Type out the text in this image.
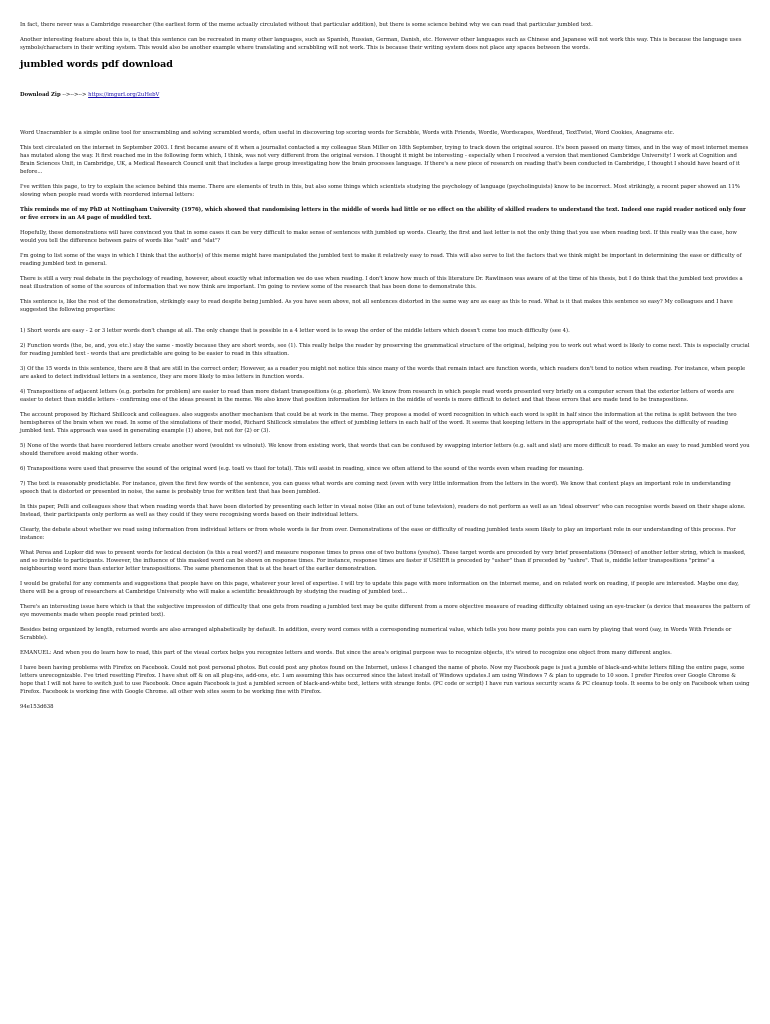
In fact, there never was a Cambridge researcher (the earliest form of the meme actually circulated without that particular addition), but there is some science behind why we can read that particular jumbled text.

Another interesting feature about this is, is that this sentence can be recreated in many other languages, such as Spanish, Russian, German, Danish, etc. However other languages such as Chinese and Japanese will not work this way. This is because the language uses symbols/characters in their writing system. This would also be another example where translating and scrabbling will not work. This is because their writing system does not place any spaces between the words.

jumbled words pdf download
Download Zip -->-->--> https://imgurl.org/2uHebV

Word Unscrambler is a simple online tool for unscrambling and solving scrambled words, often useful in discovering top scoring words for Scrabble, Words with Friends, Wordle, Wordscapes, Wordfeud, TextTwist, Word Cookies, Anagrams etc.

This text circulated on the internet in September 2003. I first became aware of it when a journalist contacted a my colleague Stan Miller on 18th September, trying to track down the original source. It's been passed on many times, and in the way of most internet memes has mutated along the way. It first reached me in the following form which, I think, was not very different from the original version. I thought it might be interesting - especially when I received a version that mentioned Cambridge University! I work at Cognition and Brain Sciences Unit, in Cambridge, UK, a Medical Research Council unit that includes a large group investigating how the brain processes language. If there's a new piece of research on reading that's been conducted in Cambridge, I thought I should have heard of it before...

I've written this page, to try to explain the science behind this meme. There are elements of truth in this, but also some things which scientists studying the psychology of language (psycholinguists) know to be incorrect. Most strikingly, a recent paper showed an 11% slowing when people read words with reordered internal letters:

This reminds me of my PhD at Nottingham University (1976), which showed that randomising letters in the middle of words had little or no effect on the ability of skilled readers to understand the text. Indeed one rapid reader noticed only four or five errors in an A4 page of muddled text.

Hopefully, these demonstrations will have convinced you that in some cases it can be very difficult to make sense of sentences with jumbled up words. Clearly, the first and last letter is not the only thing that you use when reading text. If this really was the case, how would you tell the difference between pairs of words like "salt" and "slat"?

I'm going to list some of the ways in which I think that the author(s) of this meme might have manipulated the jumbled text to make it relatively easy to read. This will also serve to list the factors that we think might be important in determining the ease or difficulty of reading jumbled text in general.

There is still a very real debate in the psychology of reading, however, about exactly what information we do use when reading. I don't know how much of this literature Dr. Rawlinson was aware of at the time of his thesis, but I do think that the jumbled text provides a neat illustration of some of the sources of information that we now think are important. I'm going to review some of the research that has been done to demonstrate this.

This sentence is, like the rest of the demonstration, strikingly easy to read despite being jumbled. As you have seen above, not all sentences distorted in the same way are as easy as this to read. What is it that makes this sentence so easy? My colleagues and I have suggested the following properties:

1) Short words are easy - 2 or 3 letter words don't change at all. The only change that is possible in a 4 letter word is to swap the order of the middle letters which doesn't come too much difficulty (see 4).

2) Function words (the, be, and, you etc.) stay the same - mostly because they are short words, see (1). This really helps the reader by preserving the grammatical structure of the original, helping you to work out what word is likely to come next. This is especially crucial for reading jumbled text - words that are predictable are going to be easier to read in this situation.

3) Of the 15 words in this sentence, there are 8 that are still in the correct order; However, as a reader you might not notice this since many of the words that remain intact are function words, which readers don't tend to notice when reading. For instance, when people are asked to detect individual letters in a sentence, they are more likely to miss letters in function words.

4) Transpositions of adjacent letters (e.g. porbelm for problem) are easier to read than more distant transpositions (e.g. phorlem). We know from research in which people read words presented very briefly on a computer screen that the exterior letters of words are easier to detect than middle letters - confirming one of the ideas present in the meme. We also know that position information for letters in the middle of words is more difficult to detect and that these errors that are made tend to be transpositions.

The account proposed by Richard Shillcock and colleagues. also suggests another mechanism that could be at work in the meme. They propose a model of word recognition in which each word is split in half since the information at the retina is split between the two hemispheres of the brain when we read. In some of the simulations of their model, Richard Shillcock simulates the effect of jumbling letters in each half of the word. It seems that keeping letters in the appropriate half of the word, reduces the difficulty of reading jumbled text. This approach was used in generating example (1) above, but not for (2) or (3).

5) None of the words that have reordered letters create another word (wouldnt vs wlnoiut). We know from existing work, that words that can be confused by swapping interior letters (e.g. salt and slat) are more difficult to read. To make an easy to read jumbled word you should therefore avoid making other words.

6) Transpositions were used that preserve the sound of the original word (e.g. toatl vs ttaol for total). This will assist in reading, since we often attend to the sound of the words even when reading for meaning.

7) The text is reasonably predictable. For instance, given the first few words of the sentence, you can guess what words are coming next (even with very little information from the letters in the word). We know that context plays an important role in understanding speech that is distorted or presented in noise, the same is probably true for written text that has been jumbled.

In this paper, Pelli and colleagues show that when reading words that have been distorted by presenting each letter in visual noise (like an out of tune television), readers do not perform as well as an 'ideal observer' who can recognise words based on their shape alone. Instead, their participants only perform as well as they could if they were recognising words based on their individual letters.

Clearly, the debate about whether we read using information from individual letters or from whole words is far from over. Demonstrations of the ease or difficulty of reading jumbled texts seem likely to play an important role in our understanding of this process. For instance:

What Perea and Lupker did was to present words for lexical decision (is this a real word?) and measure response times to press one of two buttons (yes/no). These target words are preceded by very brief presentations (50msec) of another letter string, which is masked, and so invisible to participants. However, the influence of this masked word can be shown on response times. For instance, response times are faster if USHER is preceded by "usher" than if preceded by "ushre". That is, middle letter transpositions "prime" a neighbouring word more than exterior letter transpositions. The same phenomenon that is at the heart of the earlier demonstration.

I would be grateful for any comments and suggestions that people have on this page, whatever your level of expertise. I will try to update this page with more information on the internet meme, and on related work on reading, if people are interested. Maybe one day, there will be a group of researchers at Cambridge University who will make a scientific breakthrough by studying the reading of jumbled text...

There's an interesting issue here which is that the subjective impression of difficulty that one gets from reading a jumbled text may be quite different from a more objective measure of reading difficulty obtained using an eye-tracker (a device that measures the pattern of eye movements made when people read printed text).

Besides being organized by length, returned words are also arranged alphabetically by default. In addition, every word comes with a corresponding numerical value, which tells you how many points you can earn by playing that word (say, in Words With Friends or Scrabble).

EMANUEL: And when you do learn how to read, this part of the visual cortex helps you recognize letters and words. But since the area's original purpose was to recognize objects, it's wired to recognize one object from many different angles.

I have been having problems with Firefox on Facebook. Could not post personal photos. But could post any photos found on the Internet, unless I changed the name of photo. Now my Facebook page is just a jumble of black-and-white letters filling the entire page, some letters unrecognizable. I've tried resetting Firefox. I have shut off & on all plug-ins, add-ons, etc. I am assuming this has occurred since the latest install of Windows updates.I am using Windows 7 & plan to upgrade to 10 soon. I prefer Firefox over Google Chrome & hope that I will not have to switch just to use Facebook. Once again Facebook is just a jumbled screen of black-and-white text, letters with strange fonts. (PC code or script) I have run various security scans & PC cleanup tools. It seems to be only on Facebook when using Firefox. Facebook is working fine with Google Chrome. all other web sites seem to be working fine with Firefox.

94e153d638
